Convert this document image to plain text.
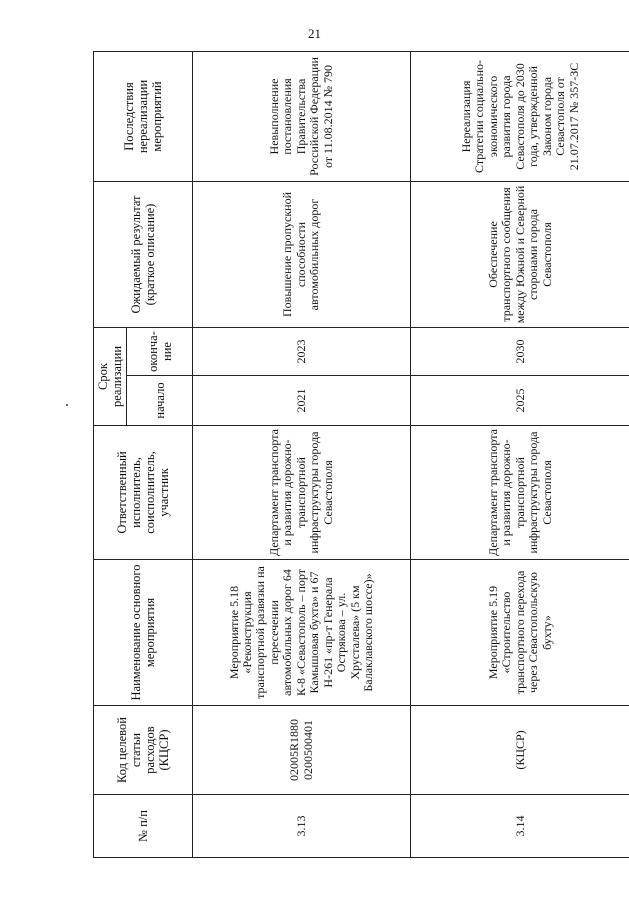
21
№ п/п	Код целевой статьи расходов (КЦСР)	Наименование основного мероприятия	Ответственный исполнитель, соисполнитель, участник	Срок реализации		Ожидаемый результат (краткое описание)	Последствия нереализации мероприятий
				начало	оконча-ние		
3.13	02005R1880 0200500401	Мероприятие 5.18 «Реконструкция транспортной развязки на пересечении автомобильных дорог 64 К-8 «Севастополь – порт Камышовая бухта» и 67 Н-261 «пр-т Генерала Острякова – ул. Хрусталева» (5 км Балаклавского шоссе)»	Департамент транспорта и развития дорожно-транспортной инфраструктуры города Севастополя	2021	2023	Повышение пропускной способности автомобильных дорог	Невыполнение постановления Правительства Российской Федерации от 11.08.2014 № 790
3.14	(КЦСР)	Мероприятие 5.19 «Строительство транспортного перехода через Севастопольскую бухту»	Департамент транспорта и развития дорожно-транспортной инфраструктуры города Севастополя	2025	2030	Обеспечение транспортного сообщения между Южной и Северной сторонами города Севастополя	Нереализация Стратегии социально-экономического развития города Севастополя до 2030 года, утвержденной Законом города Севастополя от 21.07.2017 № 357-ЗС
